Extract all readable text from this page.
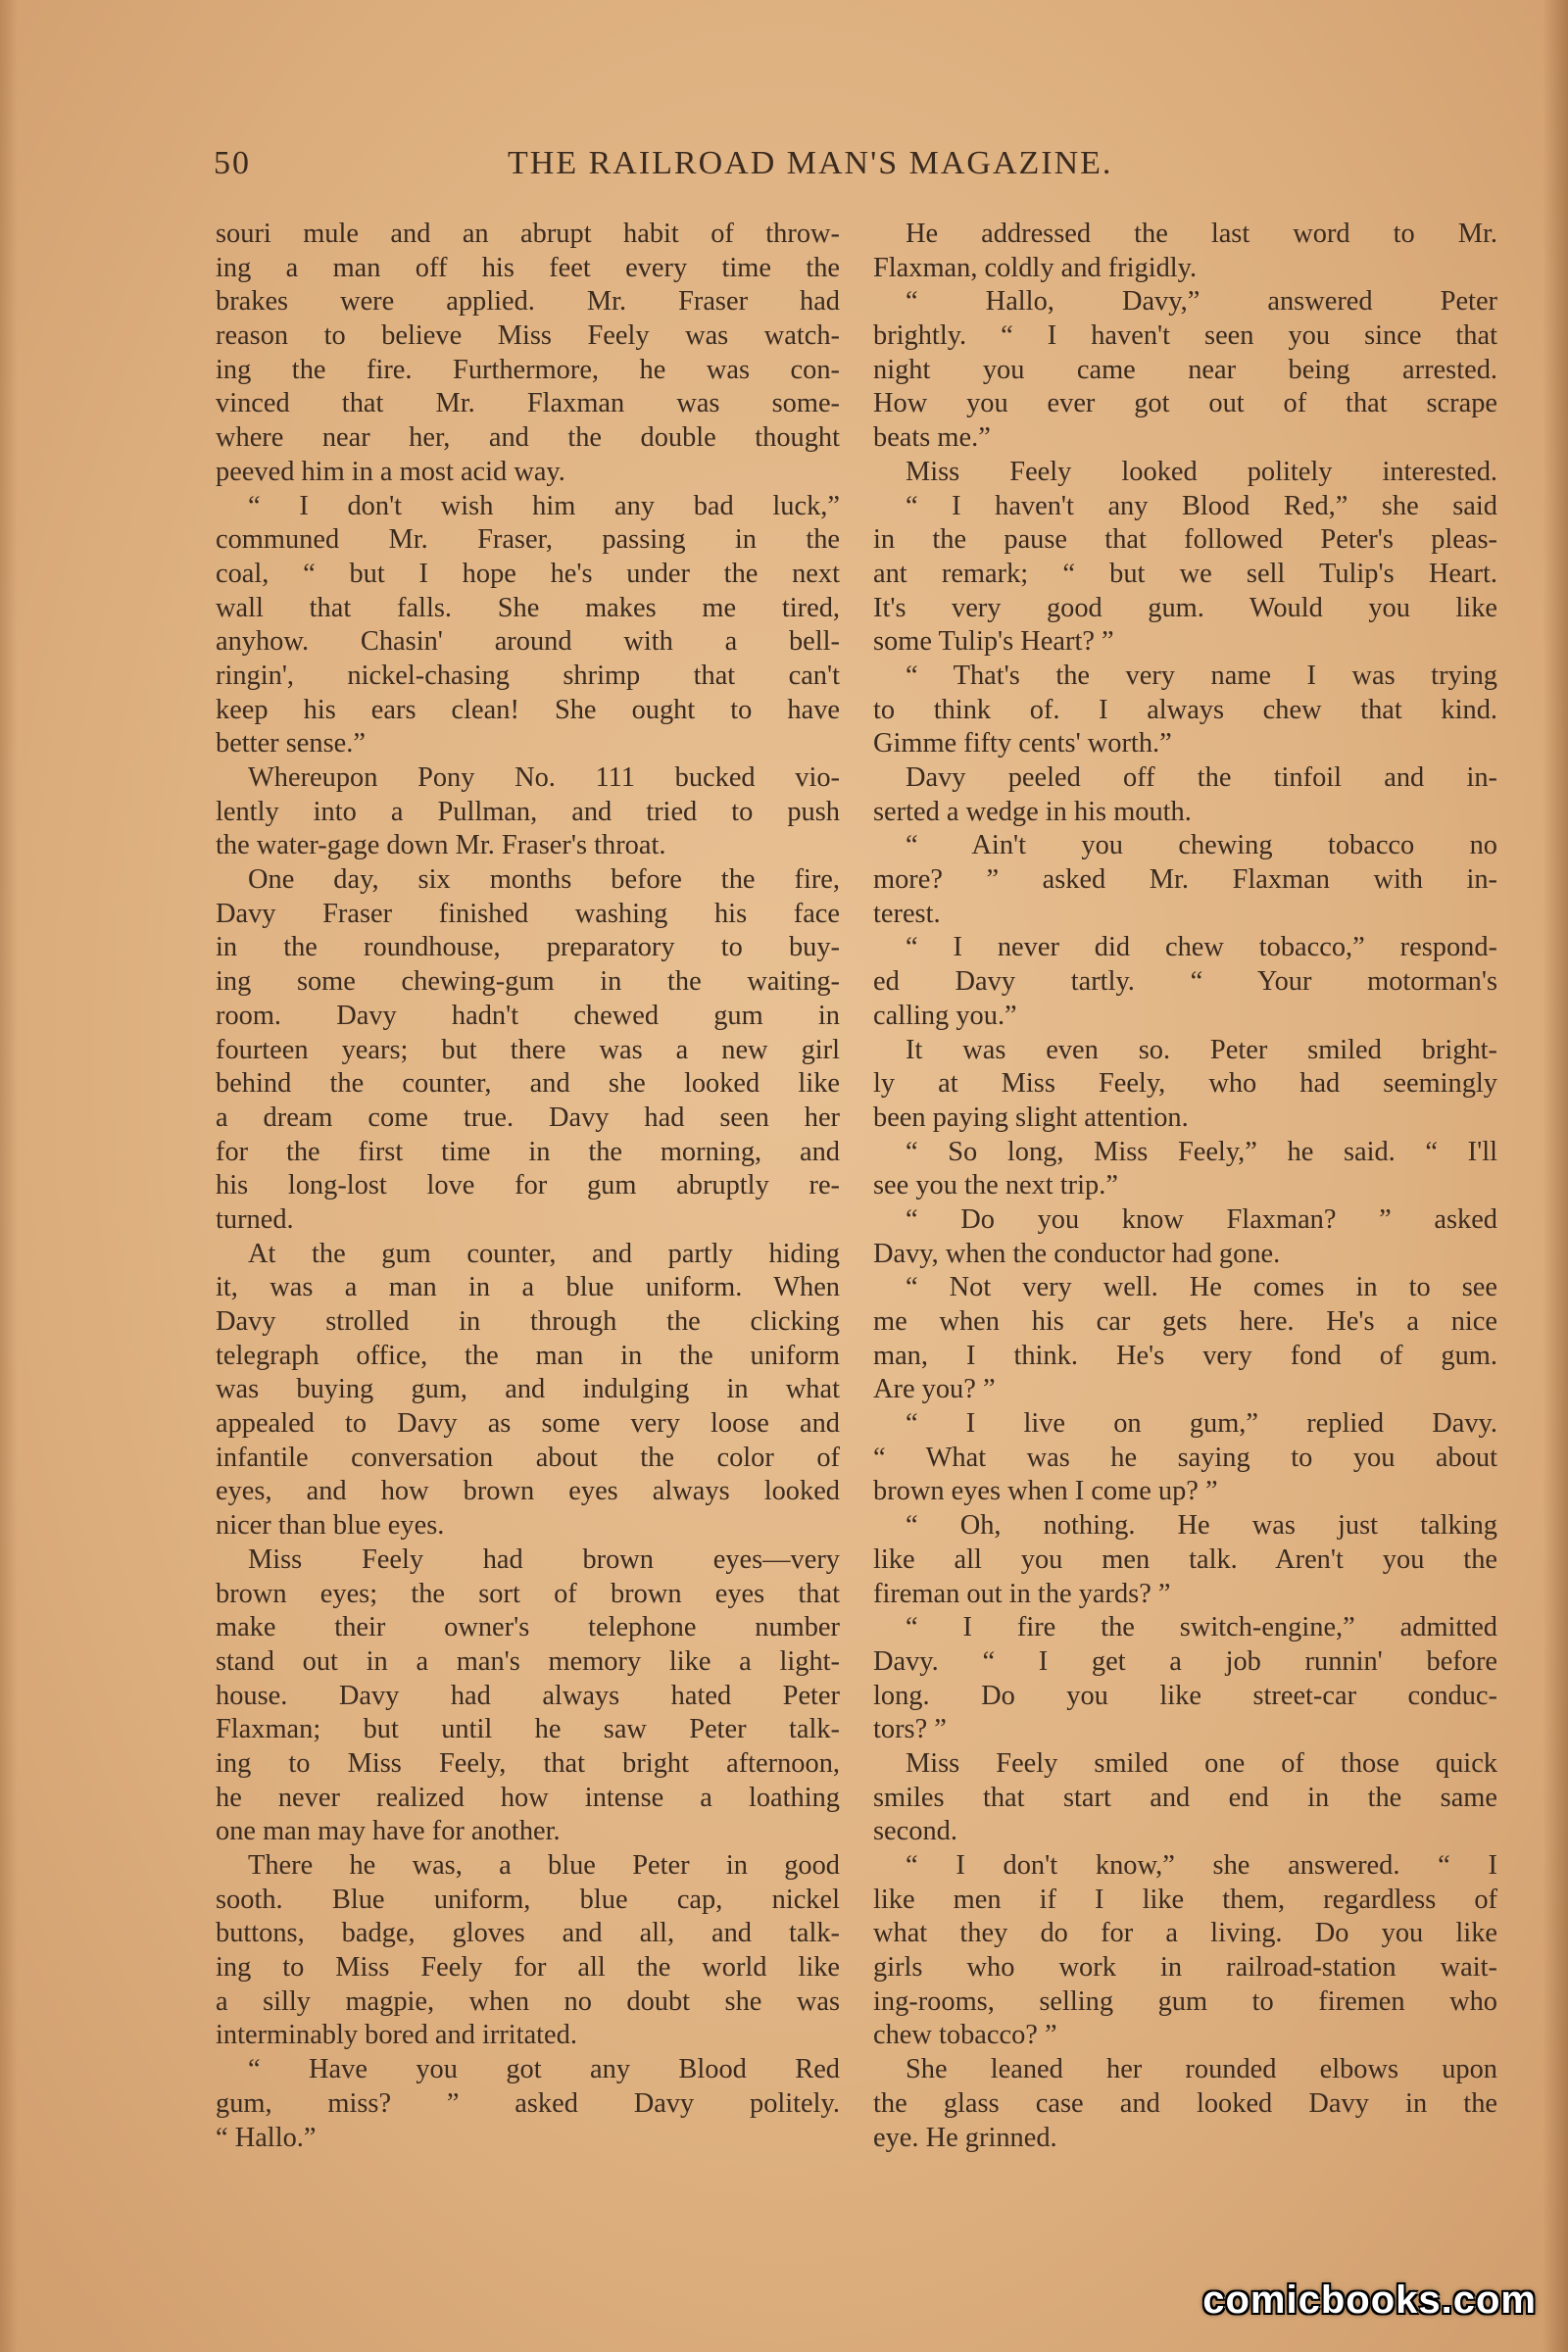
50	THE RAILROAD MAN'S MAGAZINE.
souri mule and an abrupt habit of throw-
ing a man off his feet every time the
brakes were applied. Mr. Fraser had
reason to believe Miss Feely was watch-
ing the fire. Furthermore, he was con-
vinced that Mr. Flaxman was some-
where near her, and the double thought
peeved him in a most acid way.
“ I don't wish him any bad luck,”
communed Mr. Fraser, passing in the
coal, “ but I hope he's under the next
wall that falls. She makes me tired,
anyhow. Chasin' around with a bell-
ringin', nickel-chasing shrimp that can't
keep his ears clean! She ought to have
better sense.”
Whereupon Pony No. 111 bucked vio-
lently into a Pullman, and tried to push
the water-gage down Mr. Fraser's throat.
One day, six months before the fire,
Davy Fraser finished washing his face
in the roundhouse, preparatory to buy-
ing some chewing-gum in the waiting-
room. Davy hadn't chewed gum in
fourteen years; but there was a new girl
behind the counter, and she looked like
a dream come true. Davy had seen her
for the first time in the morning, and
his long-lost love for gum abruptly re-
turned.
At the gum counter, and partly hiding
it, was a man in a blue uniform. When
Davy strolled in through the clicking
telegraph office, the man in the uniform
was buying gum, and indulging in what
appealed to Davy as some very loose and
infantile conversation about the color of
eyes, and how brown eyes always looked
nicer than blue eyes.
Miss Feely had brown eyes—very
brown eyes; the sort of brown eyes that
make their owner's telephone number
stand out in a man's memory like a light-
house. Davy had always hated Peter
Flaxman; but until he saw Peter talk-
ing to Miss Feely, that bright afternoon,
he never realized how intense a loathing
one man may have for another.
There he was, a blue Peter in good
sooth. Blue uniform, blue cap, nickel
buttons, badge, gloves and all, and talk-
ing to Miss Feely for all the world like
a silly magpie, when no doubt she was
interminably bored and irritated.
“ Have you got any Blood Red
gum, miss? ” asked Davy politely.
“ Hallo.”
He addressed the last word to Mr.
Flaxman, coldly and frigidly.
“ Hallo, Davy,” answered Peter
brightly. “ I haven't seen you since that
night you came near being arrested.
How you ever got out of that scrape
beats me.”
Miss Feely looked politely interested.
“ I haven't any Blood Red,” she said
in the pause that followed Peter's pleas-
ant remark; “ but we sell Tulip's Heart.
It's very good gum. Would you like
some Tulip's Heart? ”
“ That's the very name I was trying
to think of. I always chew that kind.
Gimme fifty cents' worth.”
Davy peeled off the tinfoil and in-
serted a wedge in his mouth.
“ Ain't you chewing tobacco no
more? ” asked Mr. Flaxman with in-
terest.
“ I never did chew tobacco,” respond-
ed Davy tartly. “ Your motorman's
calling you.”
It was even so. Peter smiled bright-
ly at Miss Feely, who had seemingly
been paying slight attention.
“ So long, Miss Feely,” he said. “ I'll
see you the next trip.”
“ Do you know Flaxman? ” asked
Davy, when the conductor had gone.
“ Not very well. He comes in to see
me when his car gets here. He's a nice
man, I think. He's very fond of gum.
Are you? ”
“ I live on gum,” replied Davy.
“ What was he saying to you about
brown eyes when I come up? ”
“ Oh, nothing. He was just talking
like all you men talk. Aren't you the
fireman out in the yards? ”
“ I fire the switch-engine,” admitted
Davy. “ I get a job runnin' before
long. Do you like street-car conduc-
tors? ”
Miss Feely smiled one of those quick
smiles that start and end in the same
second.
“ I don't know,” she answered. “ I
like men if I like them, regardless of
what they do for a living. Do you like
girls who work in railroad-station wait-
ing-rooms, selling gum to firemen who
chew tobacco? ”
She leaned her rounded elbows upon
the glass case and looked Davy in the
eye. He grinned.
comicbooks.com
